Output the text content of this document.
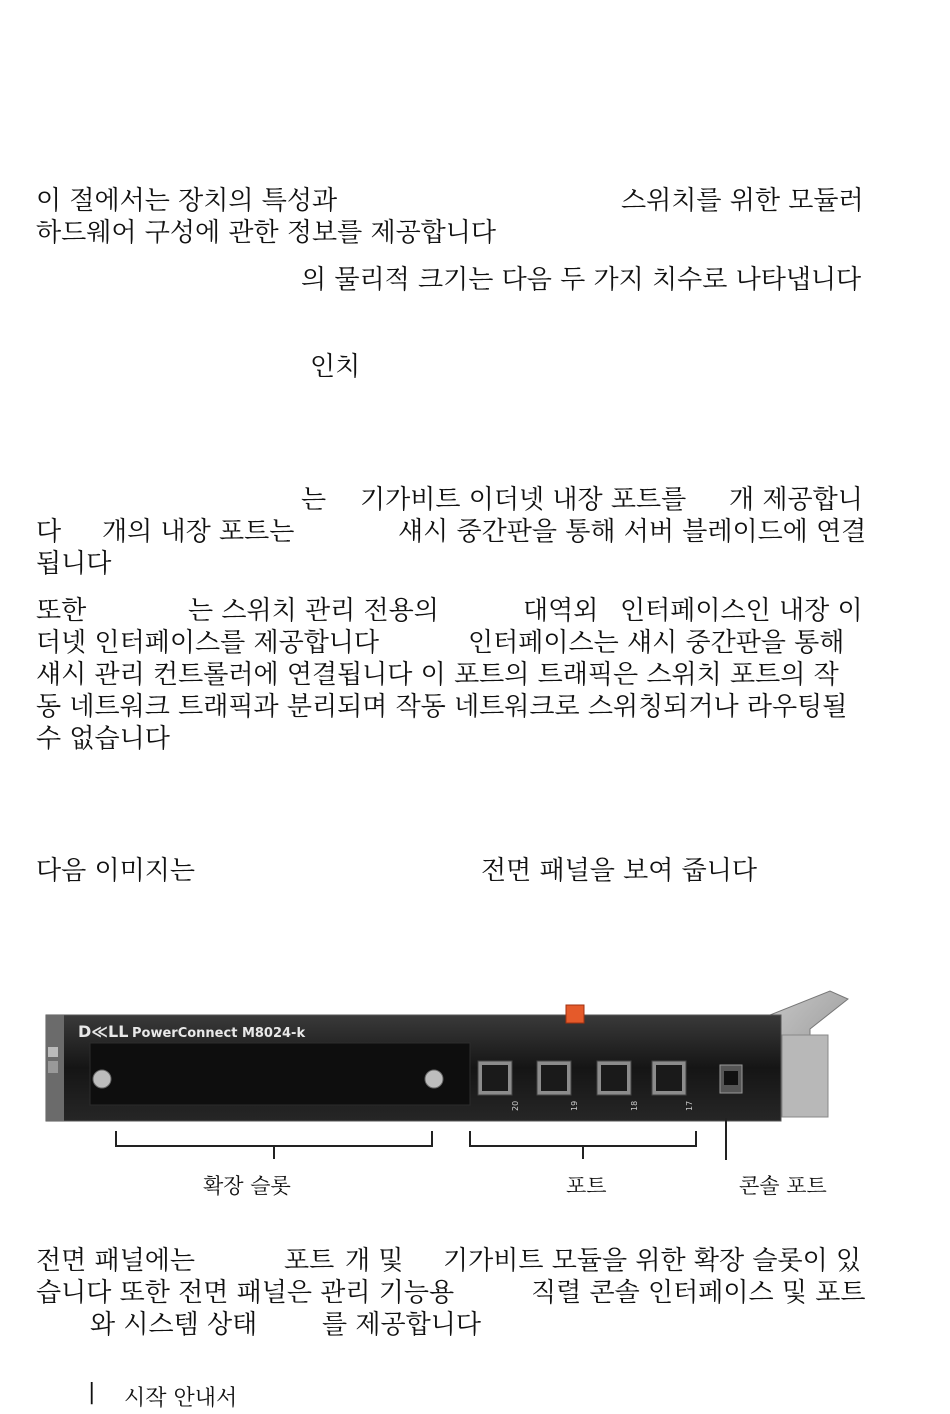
이 절에서는 장치의 특성과	스위치를 위한 모듈러
하드웨어 구성에 관한 정보를 제공합니다
의 물리적 크기는 다음 두 가지 치수로 나타냅니다
인치
는 기가비트 이더넷 내장 포트를 개 제공합니
다 개의 내장 포트는	섀시 중간판을 통해 서버 블레이드에 연결
됩니다
또한	는 스위치 관리 전용의	대역외 인터페이스인 내장 이
더넷 인터페이스를 제공합니다	인터페이스는 섀시 중간판을 통해
섀시 관리 컨트롤러에 연결됩니다 이 포트의 트래픽은 스위치 포트의 작
동 네트워크 트래픽과 분리되며 작동 네트워크로 스위칭되거나 라우팅될
수 없습니다
다음 이미지는	전면 패널을 보여 줍니다
D≪LL PowerConnect M8024-k
20	19	18	17
확장 슬롯	포트	콘솔 포트
전면 패널에는	포트 개 및 기가비트 모듈을 위한 확장 슬롯이 있
습니다 또한 전면 패널은 관리 기능용	직렬 콘솔 인터페이스 및 포트
와 시스템 상태 를 제공합니다
| 시작 안내서
